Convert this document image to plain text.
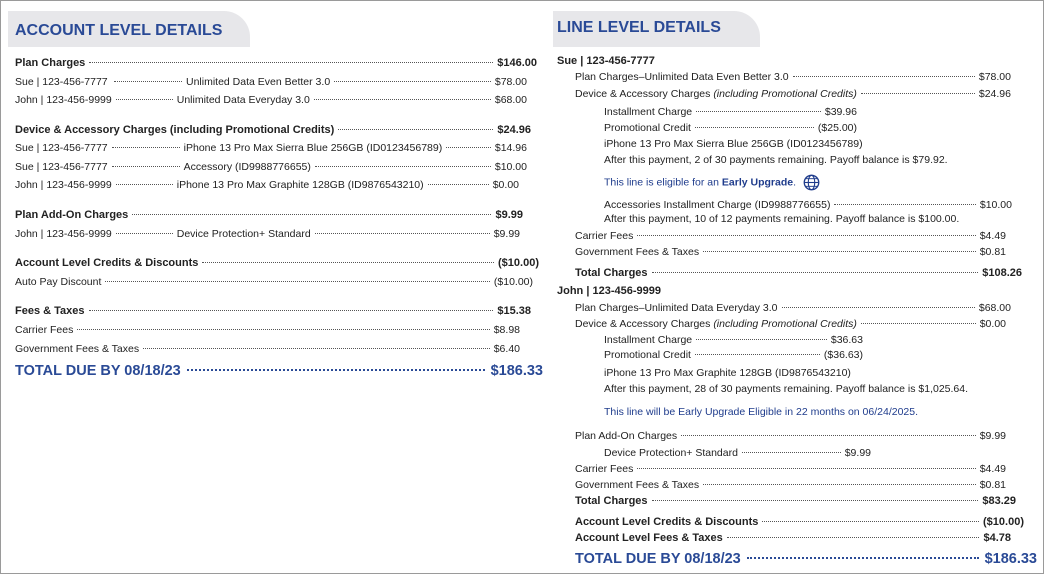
ACCOUNT LEVEL DETAILS
Plan Charges	$146.00
Sue | 123-456-7777	Unlimited Data Even Better 3.0	$78.00
John | 123-456-9999	Unlimited Data Everyday 3.0	$68.00
Device & Accessory Charges (including Promotional Credits)	$24.96
Sue | 123-456-7777	iPhone 13 Pro Max Sierra Blue 256GB (ID0123456789)	$14.96
Sue | 123-456-7777	Accessory (ID9988776655)	$10.00
John | 123-456-9999	iPhone 13 Pro Max Graphite 128GB (ID9876543210)	$0.00
Plan Add-On Charges	$9.99
John | 123-456-9999	Device Protection+ Standard	$9.99
Account Level Credits & Discounts	($10.00)
Auto Pay Discount	($10.00)
Fees & Taxes	$15.38
Carrier Fees	$8.98
Government Fees & Taxes	$6.40
TOTAL DUE BY 08/18/23	$186.33
LINE LEVEL DETAILS
Sue | 123-456-7777
Plan Charges–Unlimited Data Even Better 3.0	$78.00
Device & Accessory Charges (including Promotional Credits)	$24.96
Installment Charge	$39.96
Promotional Credit	($25.00)
iPhone 13 Pro Max Sierra Blue 256GB (ID0123456789)
After this payment, 2 of 30 payments remaining. Payoff balance is $79.92.
This line is eligible for an Early Upgrade.
Accessories Installment Charge (ID9988776655)	$10.00
After this payment, 10 of 12 payments remaining. Payoff balance is $100.00.
Carrier Fees	$4.49
Government Fees & Taxes	$0.81
Total Charges	$108.26
John | 123-456-9999
Plan Charges–Unlimited Data Everyday 3.0	$68.00
Device & Accessory Charges (including Promotional Credits)	$0.00
Installment Charge	$36.63
Promotional Credit	($36.63)
iPhone 13 Pro Max Graphite 128GB (ID9876543210)
After this payment, 28 of 30 payments remaining. Payoff balance is $1,025.64.
This line will be Early Upgrade Eligible in 22 months on 06/24/2025.
Plan Add-On Charges	$9.99
Device Protection+ Standard	$9.99
Carrier Fees	$4.49
Government Fees & Taxes	$0.81
Total Charges	$83.29
Account Level Credits & Discounts	($10.00)
Account Level Fees & Taxes	$4.78
TOTAL DUE BY 08/18/23	$186.33
